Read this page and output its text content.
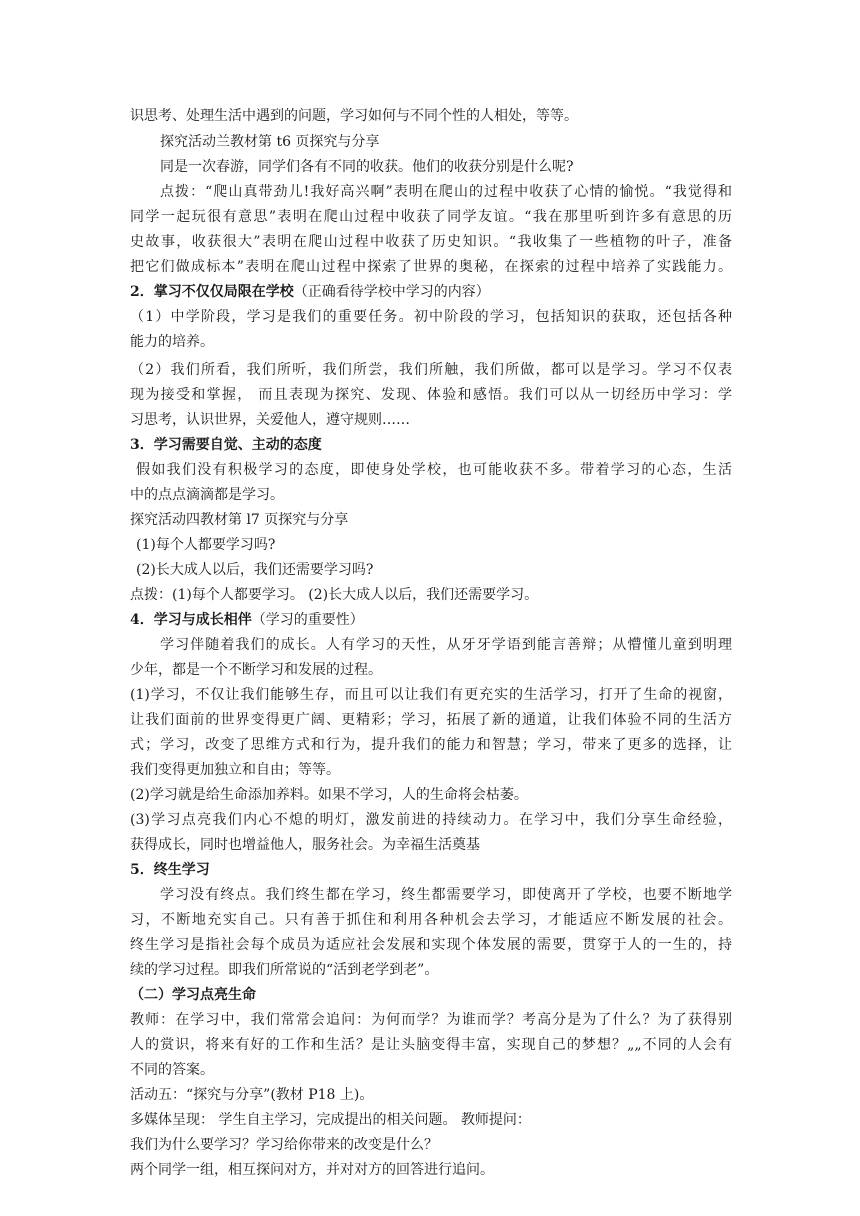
识思考、处理生活中遇到的问题，学习如何与不同个性的人相处，等等。
探究活动兰教材第 t6 页探究与分享
同是一次春游，同学们各有不同的收获。他们的收获分别是什么呢?
点拨：“爬山真带劲儿!我好高兴啊”表明在爬山的过程中收获了心情的愉悦。“我觉得和
同学一起玩很有意思”表明在爬山过程中收获了同学友谊。“我在那里听到许多有意思的历
史故事，收获很大”表明在爬山过程中收获了历史知识。“我收集了一些植物的叶子，准备
把它们做成标本”表明在爬山过程中探索了世界的奥秘，在探索的过程中培养了实践能力。
2．掌习不仅仅局限在学校（正确看待学校中学习的内容）
（1）中学阶段，学习是我们的重要任务。初中阶段的学习，包括知识的获取，还包括各种
能力的培养。
（2）我们所看，我们所听，我们所尝，我们所触，我们所做，都可以是学习。学习不仅表
现为接受和掌握， 而且表现为探究、发现、体验和感悟。我们可以从一切经历中学习：学
习思考，认识世界，关爱他人，遵守规则……
3．学习需要自觉、主动的态度
假如我们没有积极学习的态度，即使身处学校，也可能收获不多。带着学习的心态，生活
中的点点滴滴都是学习。
探究活动四教材第 l7 页探究与分享
(1)每个人都要学习吗?
(2)长大成人以后，我们还需要学习吗?
点拨：(1)每个人都要学习。 (2)长大成人以后，我们还需要学习。
4．学习与成长相伴（学习的重要性）
学习伴随着我们的成长。人有学习的天性，从牙牙学语到能言善辩；从懵懂儿童到明理
少年，都是一个不断学习和发展的过程。
(1)学习，不仅让我们能够生存，而且可以让我们有更充实的生活学习，打开了生命的视窗，
让我们面前的世界变得更广阔、更精彩；学习，拓展了新的通道，让我们体验不同的生活方
式；学习，改变了思维方式和行为，提升我们的能力和智慧；学习，带来了更多的选择，让
我们变得更加独立和自由；等等。
(2)学习就是给生命添加养料。如果不学习，人的生命将会枯萎。
(3)学习点亮我们内心不熄的明灯，激发前进的持续动力。在学习中，我们分享生命经验，
获得成长，同时也增益他人，服务社会。为幸福生活奠基
5．终生学习
学习没有终点。我们终生都在学习，终生都需要学习，即使离开了学校，也要不断地学
习，不断地充实自己。只有善于抓住和利用各种机会去学习，才能适应不断发展的社会。
终生学习是指社会每个成员为适应社会发展和实现个体发展的需要，贯穿于人的一生的，持
续的学习过程。即我们所常说的“活到老学到老”。
（二）学习点亮生命
教师：在学习中，我们常常会追问：为何而学？为谁而学？考高分是为了什么？为了获得别
人的赏识，将来有好的工作和生活？是让头脑变得丰富，实现自己的梦想？„„不同的人会有
不同的答案。
活动五：“探究与分享”(教材 P18 上)。
多媒体呈现： 学生自主学习，完成提出的相关问题。 教师提问：
我们为什么要学习？学习给你带来的改变是什么？
两个同学一组，相互探问对方，并对对方的回答进行追问。
